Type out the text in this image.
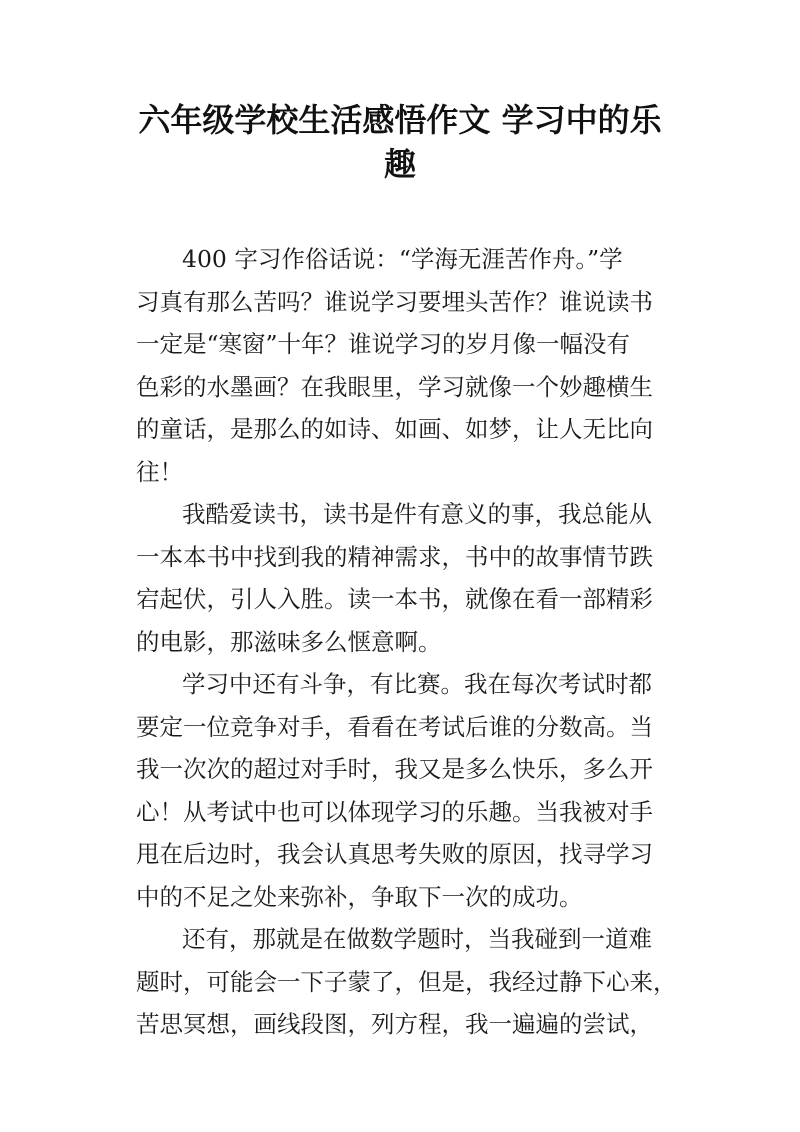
六年级学校生活感悟作文 学习中的乐
趣
400 字习作俗话说：“学海无涯苦作舟。”学
习真有那么苦吗？谁说学习要埋头苦作？谁说读书
一定是“寒窗”十年？谁说学习的岁月像一幅没有
色彩的水墨画？在我眼里，学习就像一个妙趣横生
的童话，是那么的如诗、如画、如梦，让人无比向
往！
我酷爱读书，读书是件有意义的事，我总能从
一本本书中找到我的精神需求，书中的故事情节跌
宕起伏，引人入胜。读一本书，就像在看一部精彩
的电影，那滋味多么惬意啊。
学习中还有斗争，有比赛。我在每次考试时都
要定一位竞争对手，看看在考试后谁的分数高。当
我一次次的超过对手时，我又是多么快乐，多么开
心！从考试中也可以体现学习的乐趣。当我被对手
甩在后边时，我会认真思考失败的原因，找寻学习
中的不足之处来弥补，争取下一次的成功。
还有，那就是在做数学题时，当我碰到一道难
题时，可能会一下子蒙了，但是，我经过静下心来，
苦思冥想，画线段图，列方程，我一遍遍的尝试，
